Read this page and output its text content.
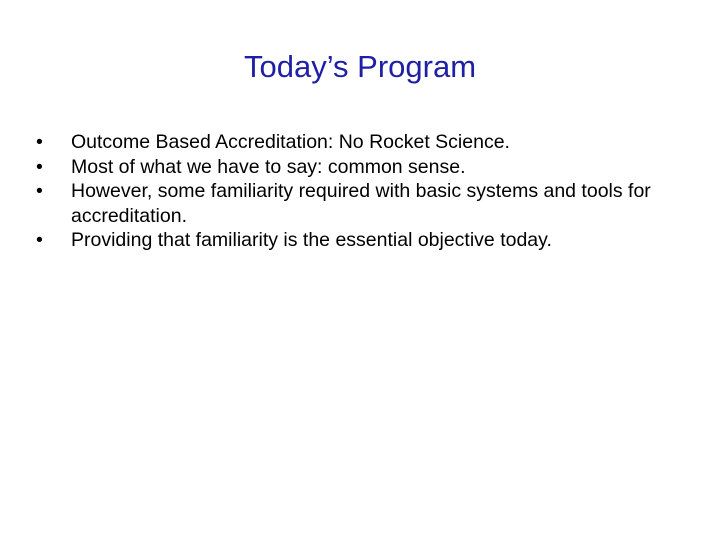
Today’s Program
•	Outcome Based Accreditation: No Rocket Science.
•	Most of what we have to say: common sense.
•	However, some familiarity required with basic systems and tools for accreditation.
•	Providing that familiarity is the essential objective today.
